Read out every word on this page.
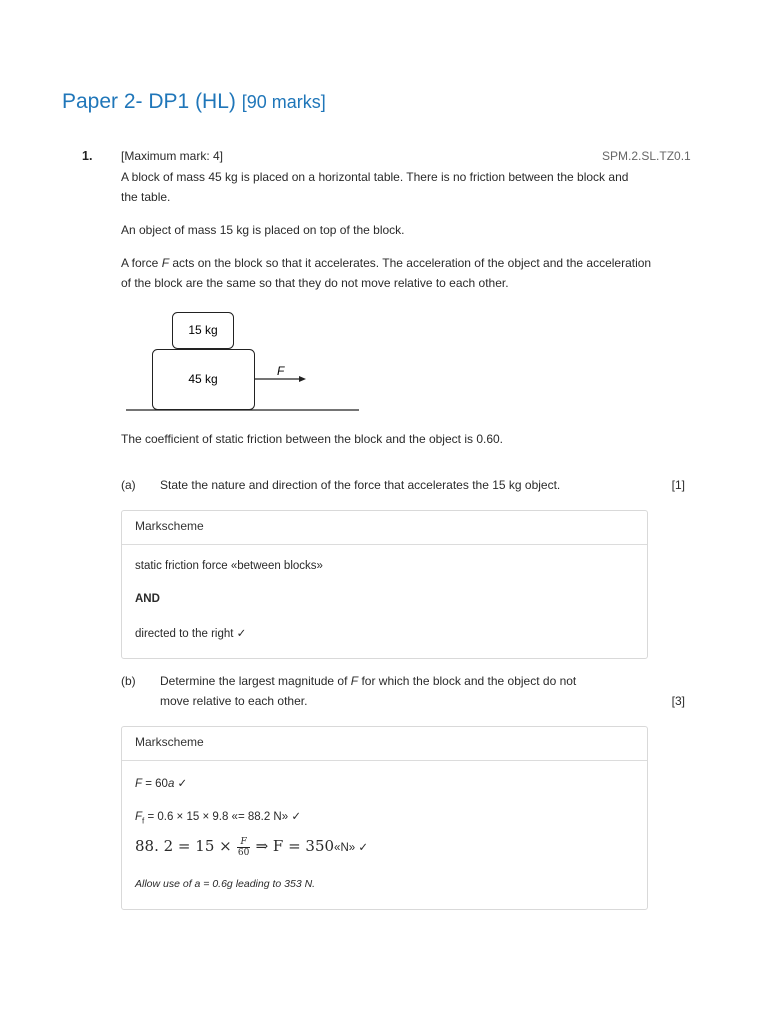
Paper 2- DP1 (HL) [90 marks]
1. [Maximum mark: 4]	SPM.2.SL.TZ0.1
A block of mass 45 kg is placed on a horizontal table. There is no friction between the block and
the table.
An object of mass 15 kg is placed on top of the block.
A force F acts on the block so that it accelerates. The acceleration of the object and the acceleration
of the block are the same so that they do not move relative to each other.
15 kg
45 kg
F
The coefficient of static friction between the block and the object is 0.60.
(a) State the nature and direction of the force that accelerates the 15 kg object.	[1]
Markscheme
static friction force «between blocks»
AND
directed to the right ✓
(b) Determine the largest magnitude of F for which the block and the object do not
move relative to each other.	[3]
Markscheme
F = 60a ✓
$F_f = 0.6 \times 15 \times 9.8$ «= 88.2 N» ✓
88. $2 = 15 \times \frac{F}{60}$ ⇒ F = 350«N» ✓
Allow use of a = 0.6g leading to 353 N.
